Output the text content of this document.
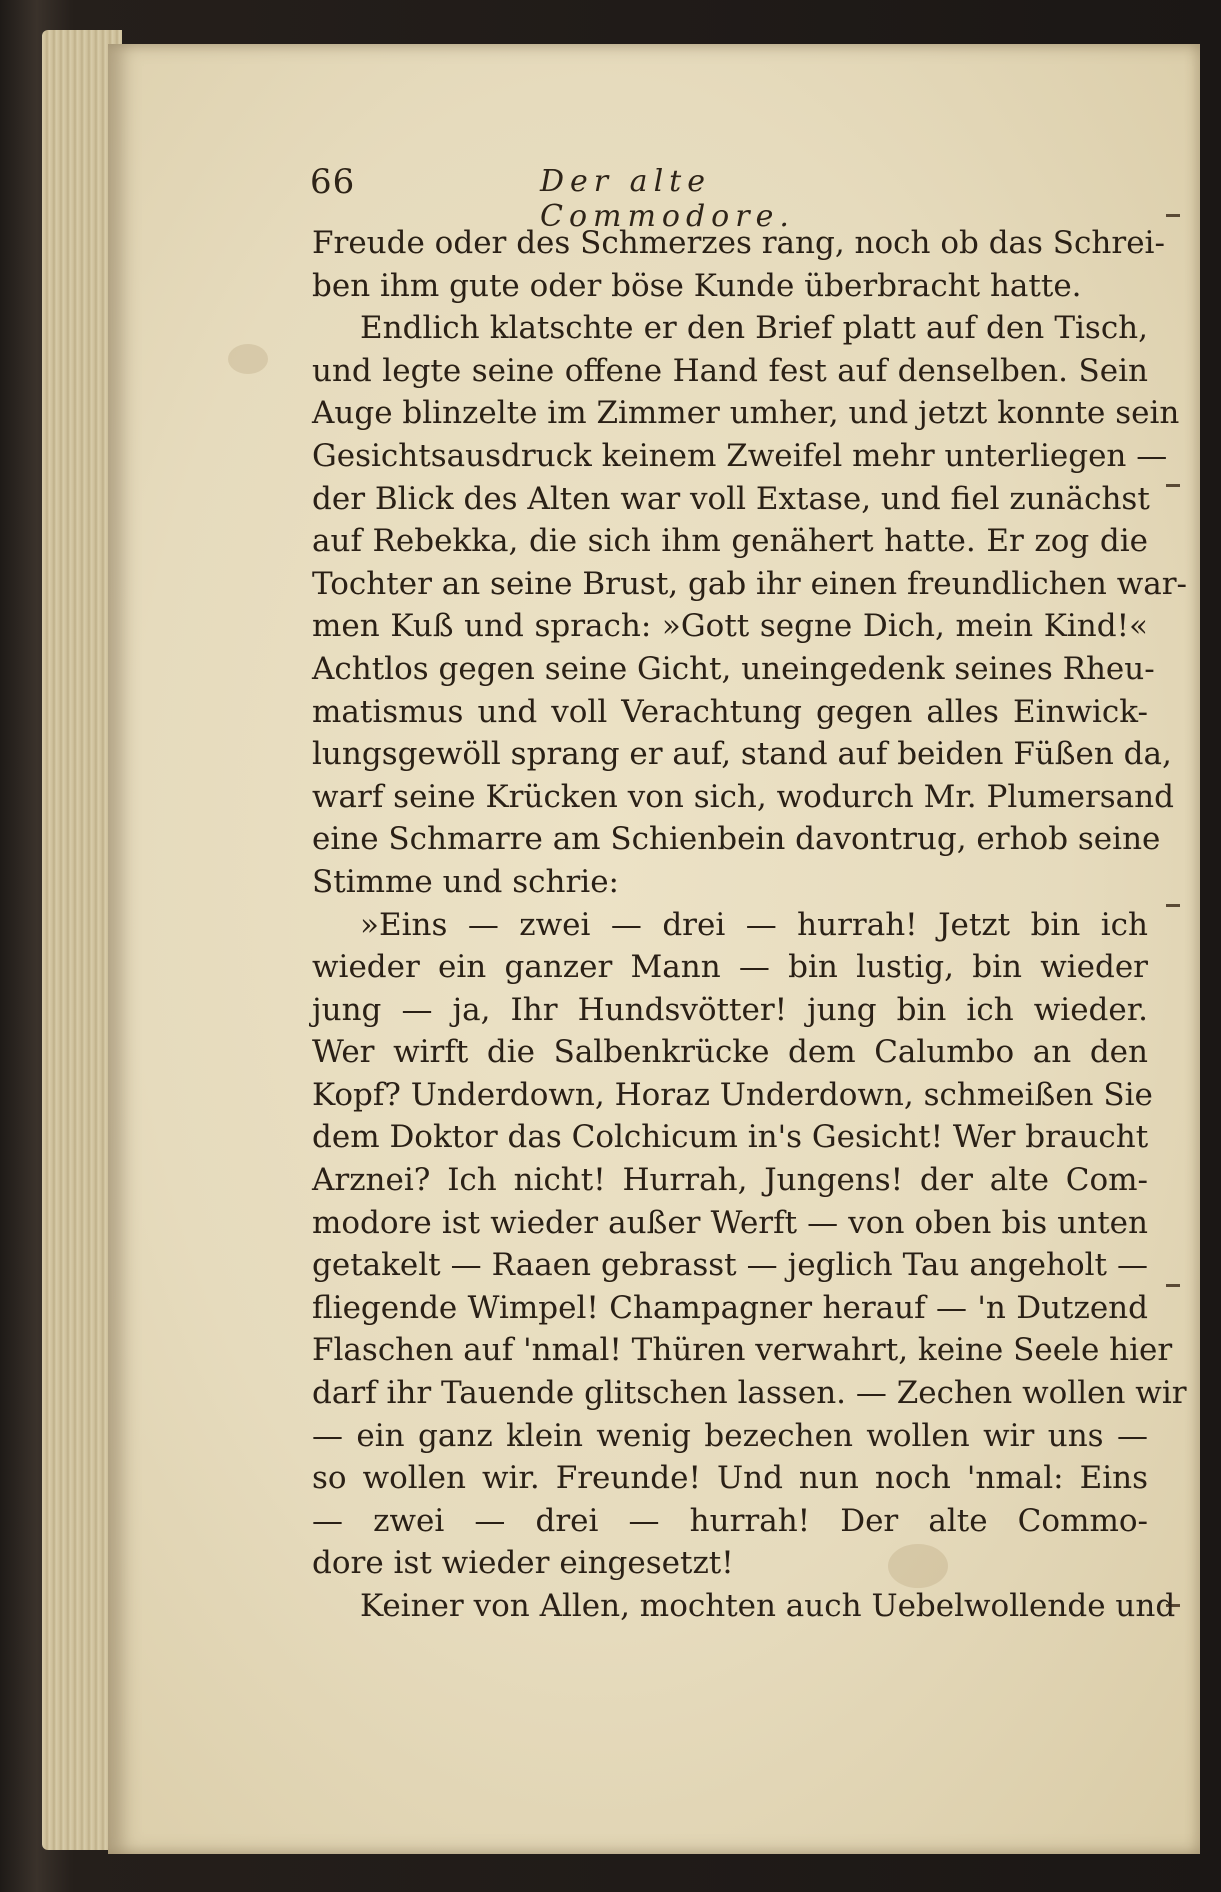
66	Der alte Commodore.
Freude oder des Schmerzes rang, noch ob das Schrei-
ben ihm gute oder böse Kunde überbracht hatte.
Endlich klatschte er den Brief platt auf den Tisch,
und legte seine offene Hand fest auf denselben. Sein
Auge blinzelte im Zimmer umher, und jetzt konnte sein
Gesichtsausdruck keinem Zweifel mehr unterliegen —
der Blick des Alten war voll Extase, und fiel zunächst
auf Rebekka, die sich ihm genähert hatte. Er zog die
Tochter an seine Brust, gab ihr einen freundlichen war-
men Kuß und sprach: »Gott segne Dich, mein Kind!«
Achtlos gegen seine Gicht, uneingedenk seines Rheu-
matismus und voll Verachtung gegen alles Einwick-
lungsgewöll sprang er auf, stand auf beiden Füßen da,
warf seine Krücken von sich, wodurch Mr. Plumersand
eine Schmarre am Schienbein davontrug, erhob seine
Stimme und schrie:
»Eins — zwei — drei — hurrah! Jetzt bin ich
wieder ein ganzer Mann — bin lustig, bin wieder
jung — ja, Ihr Hundsvötter! jung bin ich wieder.
Wer wirft die Salbenkrücke dem Calumbo an den
Kopf? Underdown, Horaz Underdown, schmeißen Sie
dem Doktor das Colchicum in's Gesicht! Wer braucht
Arznei? Ich nicht! Hurrah, Jungens! der alte Com-
modore ist wieder außer Werft — von oben bis unten
getakelt — Raaen gebrasst — jeglich Tau angeholt —
fliegende Wimpel! Champagner herauf — 'n Dutzend
Flaschen auf 'nmal! Thüren verwahrt, keine Seele hier
darf ihr Tauende glitschen lassen. — Zechen wollen wir
— ein ganz klein wenig bezechen wollen wir uns —
so wollen wir. Freunde! Und nun noch 'nmal: Eins
— zwei — drei — hurrah! Der alte Commo-
dore ist wieder eingesetzt!
Keiner von Allen, mochten auch Uebelwollende und
